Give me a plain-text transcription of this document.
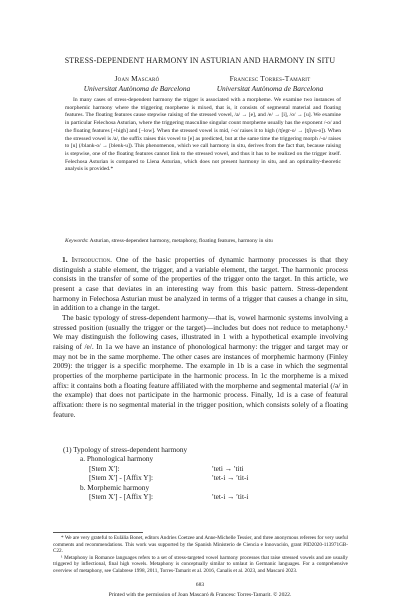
STRESS-DEPENDENT HARMONY IN ASTURIAN AND HARMONY IN SITU
Joan Mascaró
Universitat Autònoma de Barcelona
Francesc Torres-Tamarit
Universitat Autònoma de Barcelona

In many cases of stress-dependent harmony the trigger is associated with a morpheme. We examine two instances of morphemic harmony where the triggering morpheme is mixed, that is, it consists of segmental material and floating features. The floating features cause stepwise raising of the stressed vowel, /a/ → [e], and /e/ → [i], /o/ → [u]. We examine in particular Felechosa Asturian, where the triggering masculine singular count morpheme usually has the exponent /-o/ and the floating features [+high] and [−low]. When the stressed vowel is mid, /-o/ raises it to high (/tʃegr-o/ → [tʃiγu-o]). When the stressed vowel is /a/, the suffix raises this vowel to [e] as predicted, but at the same time the triggering morph /-o/ raises to [u] (/blank-o/ → [blenk-u]). This phenomenon, which we call harmony in situ, derives from the fact that, because raising is stepwise, one of the floating features cannot link to the stressed vowel, and thus it has to be realized on the trigger itself. Felechosa Asturian is compared to Llena Asturian, which does not present harmony in situ, and an optimality-theoretic analysis is provided.*

Keywords: Asturian, stress-dependent harmony, metaphony, floating features, harmony in situ

1. Introduction. One of the basic properties of dynamic harmony processes is that they distinguish a stable element, the trigger, and a variable element, the target. The harmonic process consists in the transfer of some of the properties of the trigger onto the target. In this article, we present a case that deviates in an interesting way from this basic pattern. Stress-dependent harmony in Felechosa Asturian must be analyzed in terms of a trigger that causes a change in situ, in addition to a change in the target.

The basic typology of stress-dependent harmony—that is, vowel harmonic systems involving a stressed position (usually the trigger or the target)—includes but does not reduce to metaphony.¹ We may distinguish the following cases, illustrated in 1 with a hypothetical example involving raising of /e/. In 1a we have an instance of phonological harmony: the trigger and target may or may not be in the same morpheme. The other cases are instances of morphemic harmony (Finley 2009): the trigger is a specific morpheme. The example in 1b is a case in which the segmental properties of the morpheme participate in the harmonic process. In 1c the morpheme is a mixed affix: it contains both a floating feature affiliated with the morpheme and segmental material (/ə/ in the example) that does not participate in the harmonic process. Finally, 1d is a case of featural affixation: there is no segmental material in the trigger position, which consists solely of a floating feature.

(1) Typology of stress-dependent harmony
a. Phonological harmony
[Stem X′]:	′teti → ′titi
[Stem X′] - [Affix Y]:	′tet-i → ′tit-i
b. Morphemic harmony
[Stem X′] - [Affix Y]:	′tet-i → ′tit-i

* We are very grateful to Eulàlia Bonet, editors Andries Coetzee and Anne-Michelle Tessier, and three anonymous referees for very useful comments and recommendations. This work was supported by the Spanish Ministerio de Ciencia e Innovación, grant PID2020-113971GB-C22.

¹ Metaphony in Romance languages refers to a set of stress-targeted vowel harmony processes that raise stressed vowels and are usually triggered by inflectional, final high vowels. Metaphony is conceptually similar to umlaut in Germanic languages. For a comprehensive overview of metaphony, see Calabrese 1998, 2011, Torres-Tamarit et al. 2016, Canalis et al. 2023, and Mascaró 2023.

683
Printed with the permission of Joan Mascaró & Francesc Torres-Tamarit. © 2022.
